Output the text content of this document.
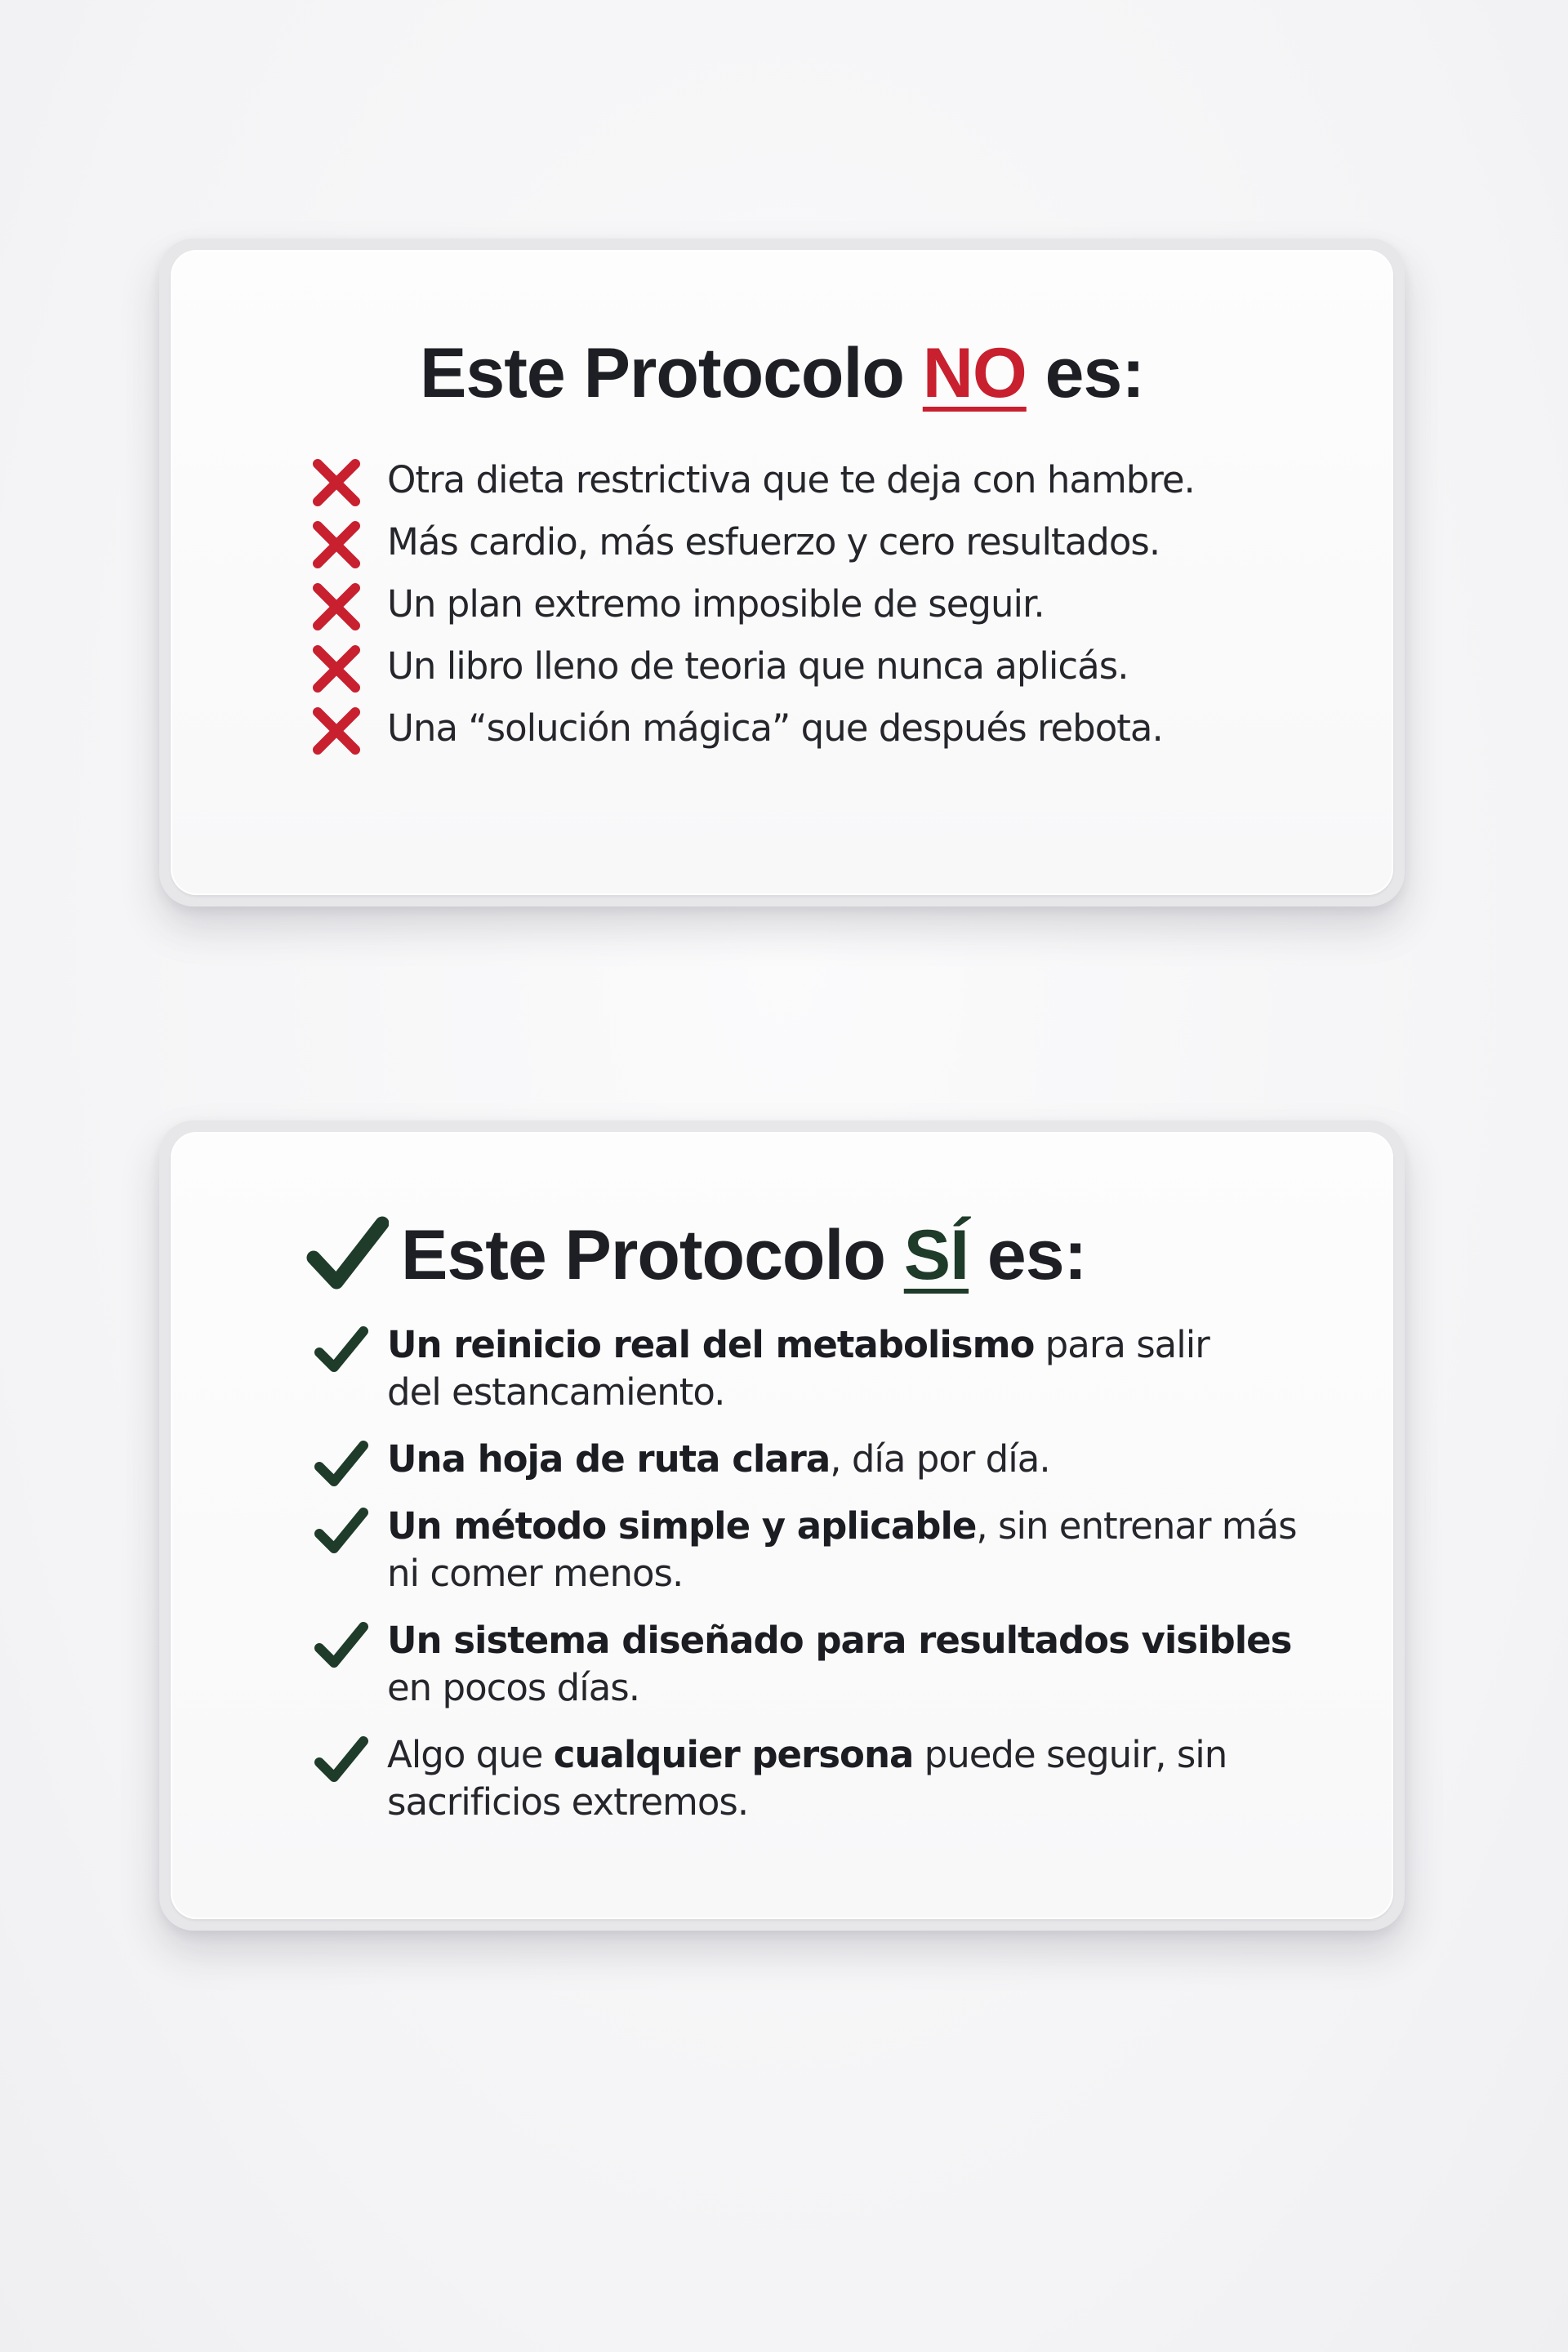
Este Protocolo NO es:
Otra dieta restrictiva que te deja con hambre.
Más cardio, más esfuerzo y cero resultados.
Un plan extremo imposible de seguir.
Un libro lleno de teoria que nunca aplicás.
Una “solución mágica” que después rebota.
Este Protocolo SÍ es:
Un reinicio real del metabolismo para salir
del estancamiento.
Una hoja de ruta clara, día por día.
Un método simple y aplicable, sin entrenar más
ni comer menos.
Un sistema diseñado para resultados visibles
en pocos días.
Algo que cualquier persona puede seguir, sin
sacrificios extremos.
